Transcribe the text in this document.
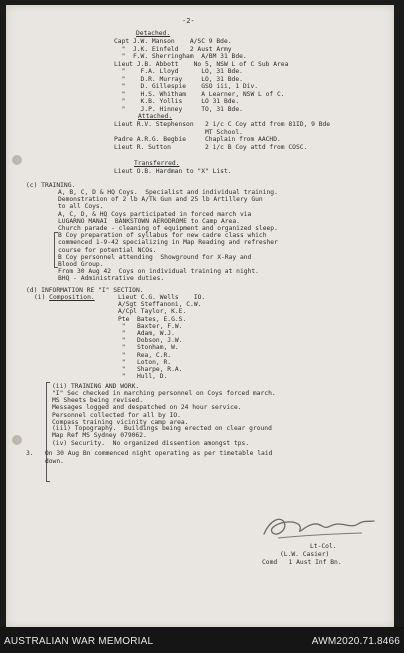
-2-
Detached.
Capt J.W. Manson    A/SC 9 Bde.
"  J.K. Einfeld   2 Aust Army
"  F.W. Sherringham  A/BM 31 Bde.
Lieut J.B. Abbott    No 5, NSW L of C Sub Area
"    F.A. Lloyd      LO, 31 Bde.
"    D.R. Murray     LO, 31 Bde.
"    D. Gillespie    GSO iii, 1 Div.
"    H.S. Whitham    A Learner, NSW L of C.
"    K.B. Yollis     LO 31 Bde.
"    J.P. Hinney     TO, 31 Bde.
Attached.
Lieut R.V. Stephenson   2 i/c C Coy attd from 81ID, 9 Bde
MT School.
Padre A.R.G. Begbie     Chaplain from AACHD.
Lieut R. Sutton         2 i/c B Coy attd from COSC.
Transferred.
Lieut O.B. Hardman to "X" List.
(c) TRAINING.
A, B, C, D & HQ Coys.  Specialist and individual training.
Demonstration of 2 lb A/Tk Gun and 25 lb Artillery Gun
to all Coys.
A, C, D, & HQ Coys participated in forced march via
LUGARNO MANAI  BANKSTOWN AERODROME to Camp Area.
Church parade - cleaning of equipment and organized sleep.
B Coy preparation of syllabus for new cadre class which
commenced 1-9-42 specializing in Map Reading and refresher
course for potential NCOs.
B Coy personnel attending  Showground for X-Ray and
Blood Group.
From 30 Aug 42  Coys on individual training at night.
BHQ - Administrative duties.
(d) INFORMATION RE "I" SECTION.
(i) Composition.	Lieut C.G. Wells    IO.
A/Sgt Steffanoni, C.W.
A/Cpl Taylor, K.E.
Pte  Bates, E.G.S.
"   Baxter, F.W.
"   Adam, W.J.
"   Dobson, J.W.
"   Stonham, W.
"   Rea, C.R.
"   Loton, R.
"   Sharpe, R.A.
"   Hull, D.
(ii) TRAINING AND WORK.
"I" Sec checked in marching personnel on Coys forced march.
MS Sheets being revised.
Messages logged and despatched on 24 hour service.
Personnel collected for all by IO.
Compass training vicinity camp area.
(iii) Topography.  Buildings being erected on clear ground
Map Ref MS Sydney 079062.
(iv) Security.  No organized dissention amongst tps.
3.   On 30 Aug Bn commenced night operating as per timetable laid
down.
Lt-Col.
(L.W. Casier)
Comd   1 Aust Inf Bn.
AUSTRALIAN WAR MEMORIAL	AWM2020.71.8466
